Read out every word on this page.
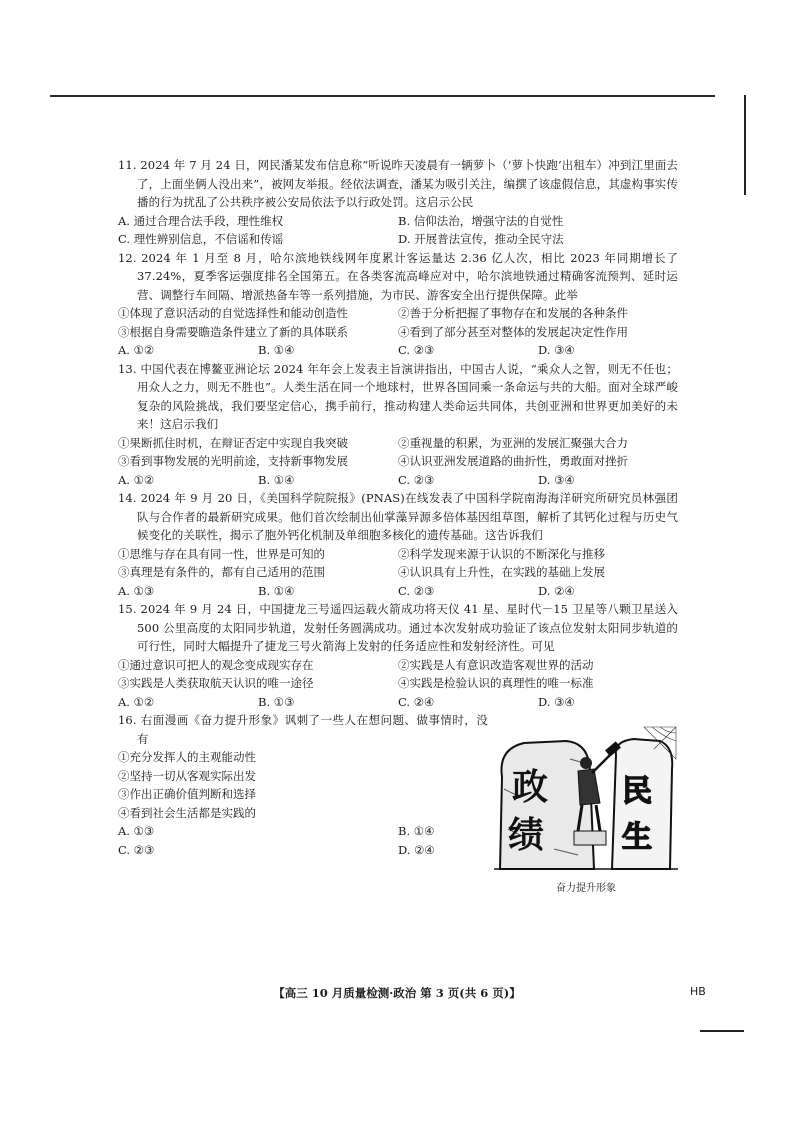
11. 2024 年 7 月 24 日，网民潘某发布信息称“听说昨天凌晨有一辆萝卜（‘萝卜快跑’出租车）冲到江里面去了，上面坐俩人没出来”，被网友举报。经依法调查，潘某为吸引关注，编撰了该虚假信息，其虚构事实传播的行为扰乱了公共秩序被公安局依法予以行政处罚。这启示公民
A. 通过合理合法手段，理性维权	B. 信仰法治，增强守法的自觉性
C. 理性辨别信息，不信谣和传谣	D. 开展普法宣传，推动全民守法
12. 2024 年 1 月至 8 月，哈尔滨地铁线网年度累计客运量达 2.36 亿人次，相比 2023 年同期增长了 37.24%，夏季客运强度排名全国第五。在各类客流高峰应对中，哈尔滨地铁通过精确客流预判、延时运营、调整行车间隔、增派热备车等一系列措施，为市民、游客安全出行提供保障。此举
①体现了意识活动的自觉选择性和能动创造性	②善于分析把握了事物存在和发展的各种条件
③根据自身需要瞻造条件建立了新的具体联系	④看到了部分甚至对整体的发展起决定性作用
A. ①②	B. ①④	C. ②③	D. ③④
13. 中国代表在博鳌亚洲论坛 2024 年年会上发表主旨演讲指出，中国古人说，“乘众人之智，则无不任也；用众人之力，则无不胜也”。人类生活在同一个地球村，世界各国同乘一条命运与共的大船。面对全球严峻复杂的风险挑战，我们要坚定信心，携手前行，推动构建人类命运共同体，共创亚洲和世界更加美好的未来！这启示我们
①果断抓住时机，在辩证否定中实现自我突破	②重视量的积累，为亚洲的发展汇聚强大合力
③看到事物发展的光明前途，支持新事物发展	④认识亚洲发展道路的曲折性，勇敢面对挫折
A. ①②	B. ①④	C. ②③	D. ③④
14. 2024 年 9 月 20 日，《美国科学院院报》(PNAS)在线发表了中国科学院南海海洋研究所研究员林强团队与合作者的最新研究成果。他们首次绘制出仙掌藻异源多倍体基因组草图，解析了其钙化过程与历史气候变化的关联性，揭示了胞外钙化机制及单细胞多核化的遗传基础。这告诉我们
①思维与存在具有同一性，世界是可知的	②科学发现来源于认识的不断深化与推移
③真理是有条件的，都有自己适用的范围	④认识具有上升性，在实践的基础上发展
A. ①③	B. ①④	C. ②③	D. ②④
15. 2024 年 9 月 24 日，中国捷龙三号遥四运载火箭成功将天仪 41 星、星时代－15 卫星等八颗卫星送入 500 公里高度的太阳同步轨道，发射任务圆满成功。通过本次发射成功验证了该点位发射太阳同步轨道的可行性，同时大幅提升了捷龙三号火箭海上发射的任务适应性和发射经济性。可见
①通过意识可把人的观念变成现实存在	②实践是人有意识改造客观世界的活动
③实践是人类获取航天认识的唯一途径	④实践是检验认识的真理性的唯一标准
A. ①②	B. ①③	C. ②④	D. ③④
16. 右面漫画《奋力提升形象》讽刺了一些人在想问题、做事情时，没有
①充分发挥人的主观能动性
②坚持一切从客观实际出发
③作出正确价值判断和选择
④看到社会生活都是实践的
A. ①③	B. ①④
C. ②③	D. ②④
政
绩
民
生
奋力提升形象
【高三 10 月质量检测·政治 第 3 页(共 6 页)】	HB
